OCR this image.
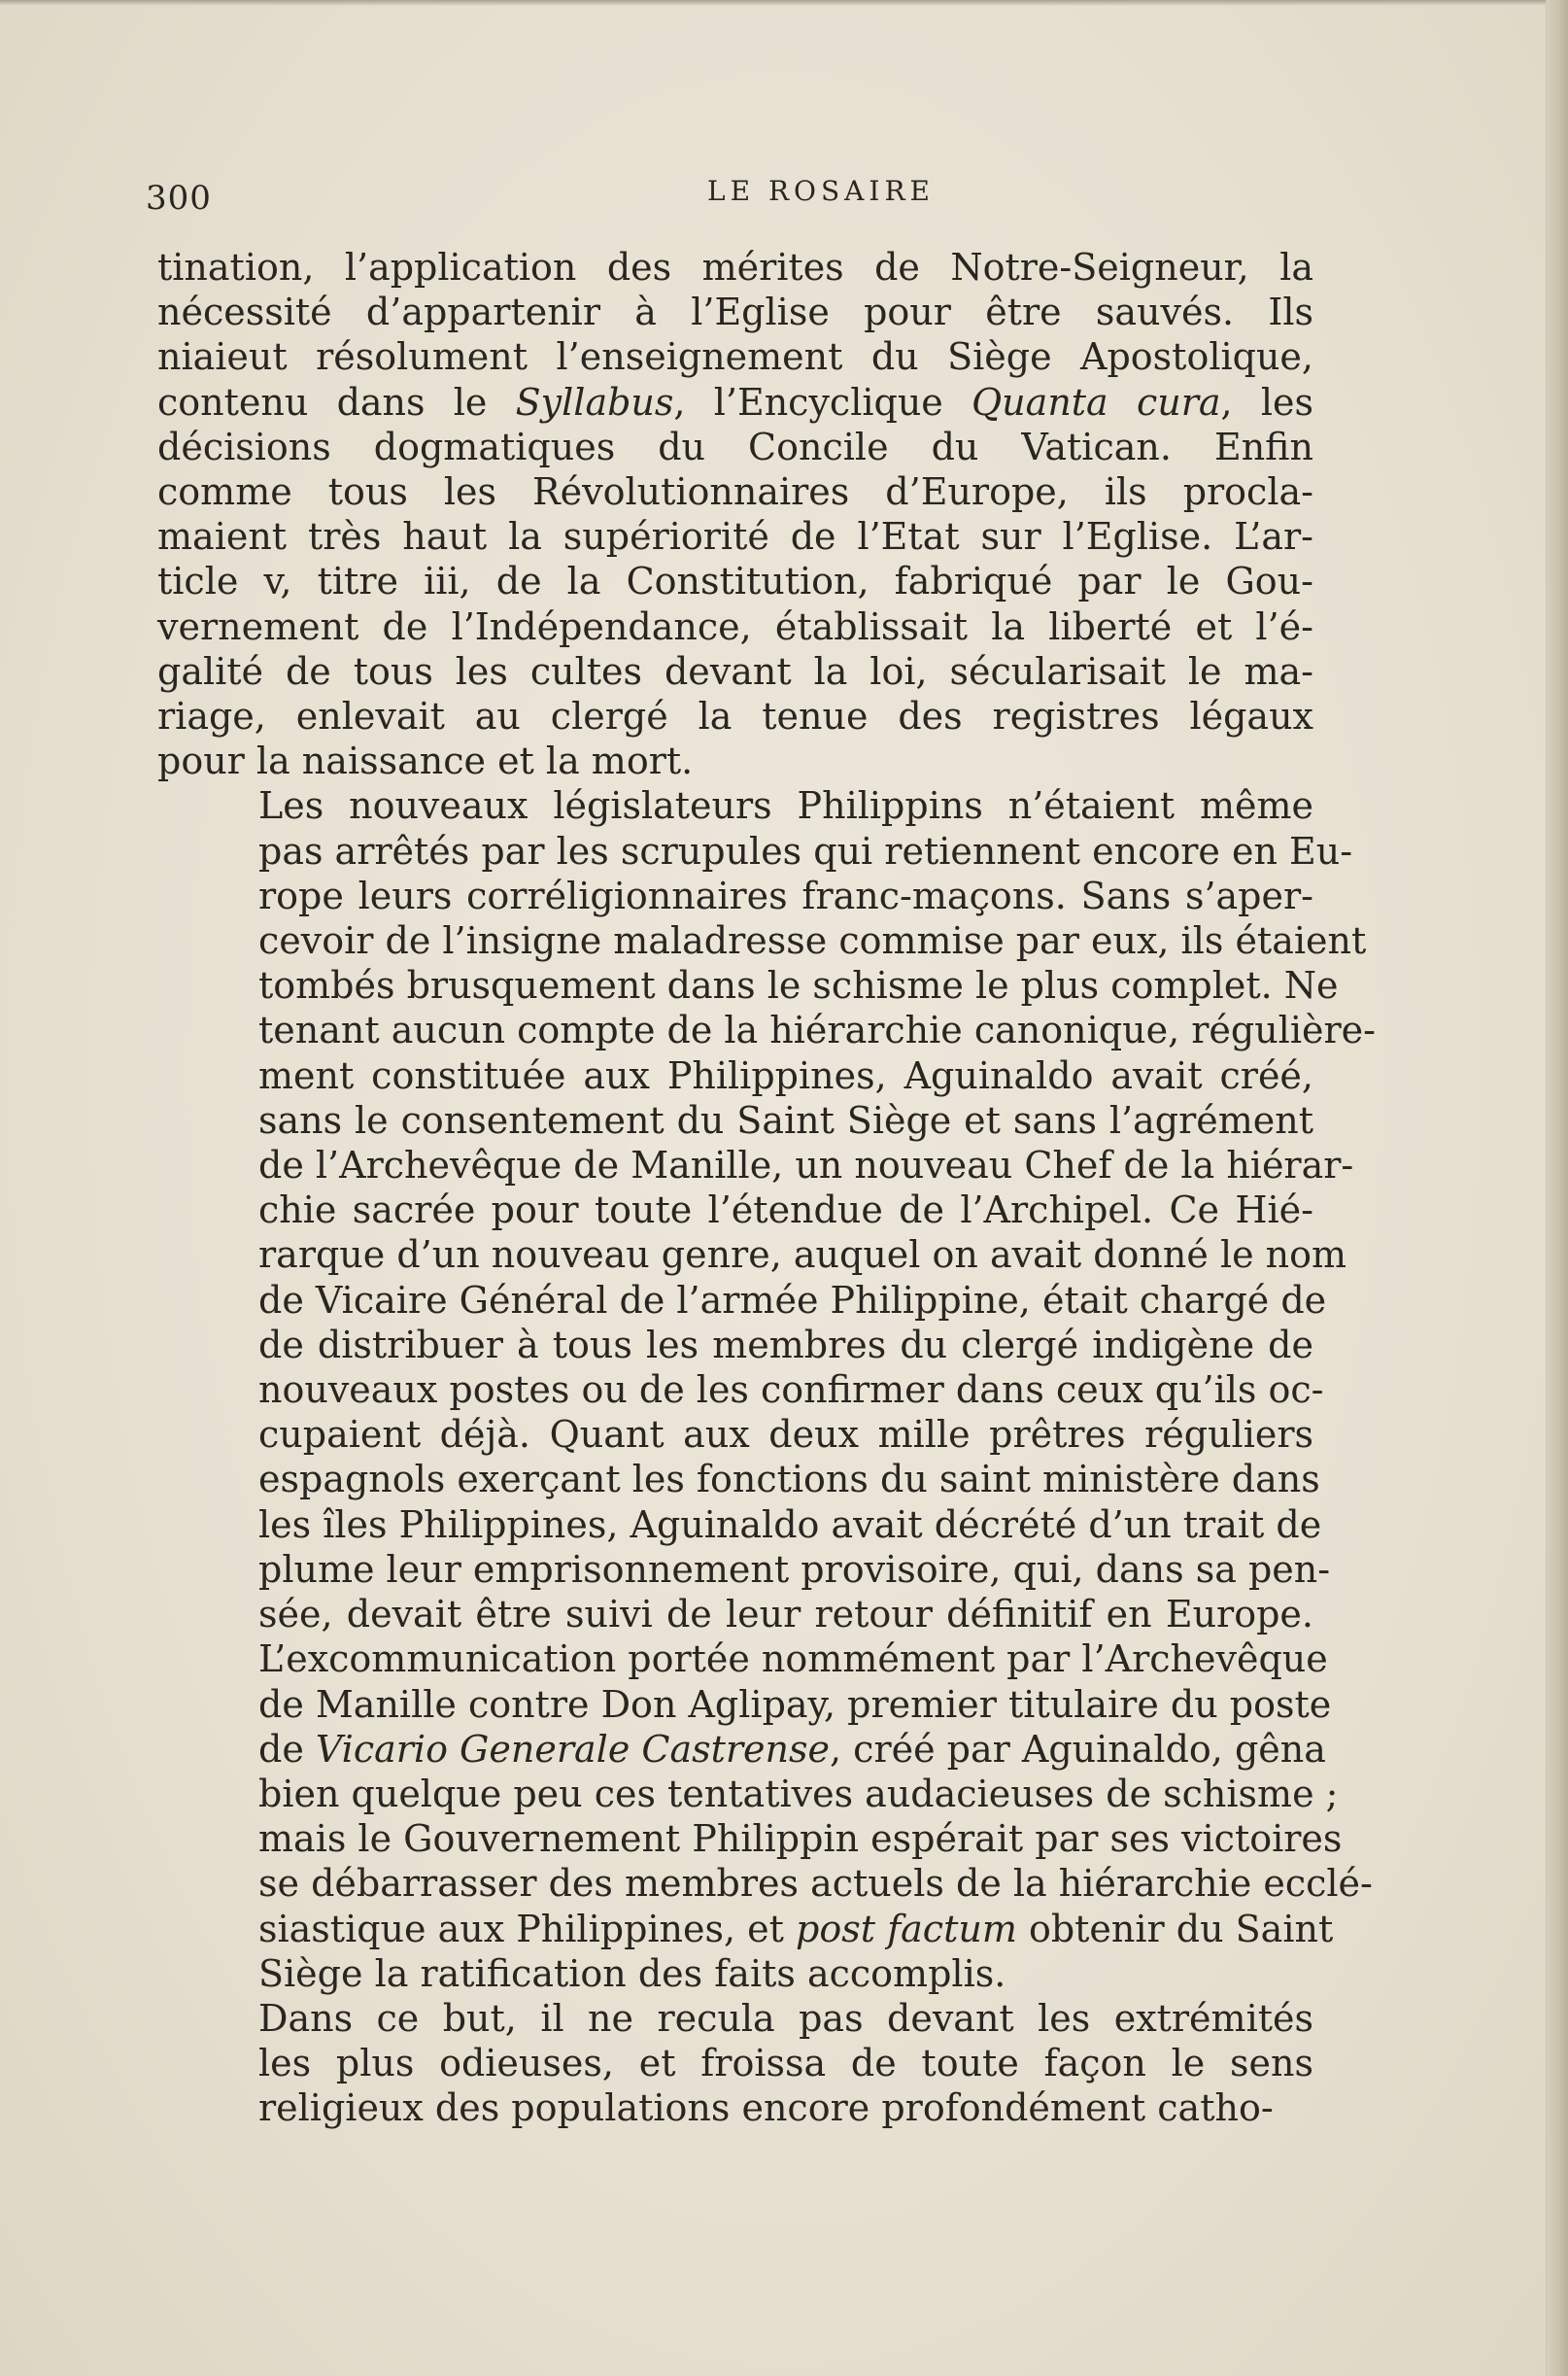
300	LE ROSAIRE

tination, l’application des mérites de Notre-Seigneur, la
nécessité d’appartenir à l’Eglise pour être sauvés. Ils
niaieut résolument l’enseignement du Siège Apostolique,
contenu dans le Syllabus, l’Encyclique Quanta cura, les
décisions dogmatiques du Concile du Vatican. Enfin
comme tous les Révolutionnaires d’Europe, ils procla-
maient très haut la supériorité de l’Etat sur l’Eglise. L’ar-
ticle v, titre iii, de la Constitution, fabriqué par le Gou-
vernement de l’Indépendance, établissait la liberté et l’é-
galité de tous les cultes devant la loi, sécularisait le ma-
riage, enlevait au clergé la tenue des registres légaux
pour la naissance et la mort.

Les nouveaux législateurs Philippins n’étaient même
pas arrêtés par les scrupules qui retiennent encore en Eu-
rope leurs corréligionnaires franc-maçons. Sans s’aper-
cevoir de l’insigne maladresse commise par eux, ils étaient
tombés brusquement dans le schisme le plus complet. Ne
tenant aucun compte de la hiérarchie canonique, régulière-
ment constituée aux Philippines, Aguinaldo avait créé,
sans le consentement du Saint Siège et sans l’agrément
de l’Archevêque de Manille, un nouveau Chef de la hiérar-
chie sacrée pour toute l’étendue de l’Archipel. Ce Hié-
rarque d’un nouveau genre, auquel on avait donné le nom
de Vicaire Général de l’armée Philippine, était chargé de
de distribuer à tous les membres du clergé indigène de
nouveaux postes ou de les confirmer dans ceux qu’ils oc-
cupaient déjà. Quant aux deux mille prêtres réguliers
espagnols exerçant les fonctions du saint ministère dans
les îles Philippines, Aguinaldo avait décrété d’un trait de
plume leur emprisonnement provisoire, qui, dans sa pen-
sée, devait être suivi de leur retour définitif en Europe.
L’excommunication portée nommément par l’Archevêque
de Manille contre Don Aglipay, premier titulaire du poste
de Vicario Generale Castrense, créé par Aguinaldo, gêna
bien quelque peu ces tentatives audacieuses de schisme ;
mais le Gouvernement Philippin espérait par ses victoires
se débarrasser des membres actuels de la hiérarchie ecclé-
siastique aux Philippines, et post factum obtenir du Saint
Siège la ratification des faits accomplis.

Dans ce but, il ne recula pas devant les extrémités
les plus odieuses, et froissa de toute façon le sens
religieux des populations encore profondément catho-
